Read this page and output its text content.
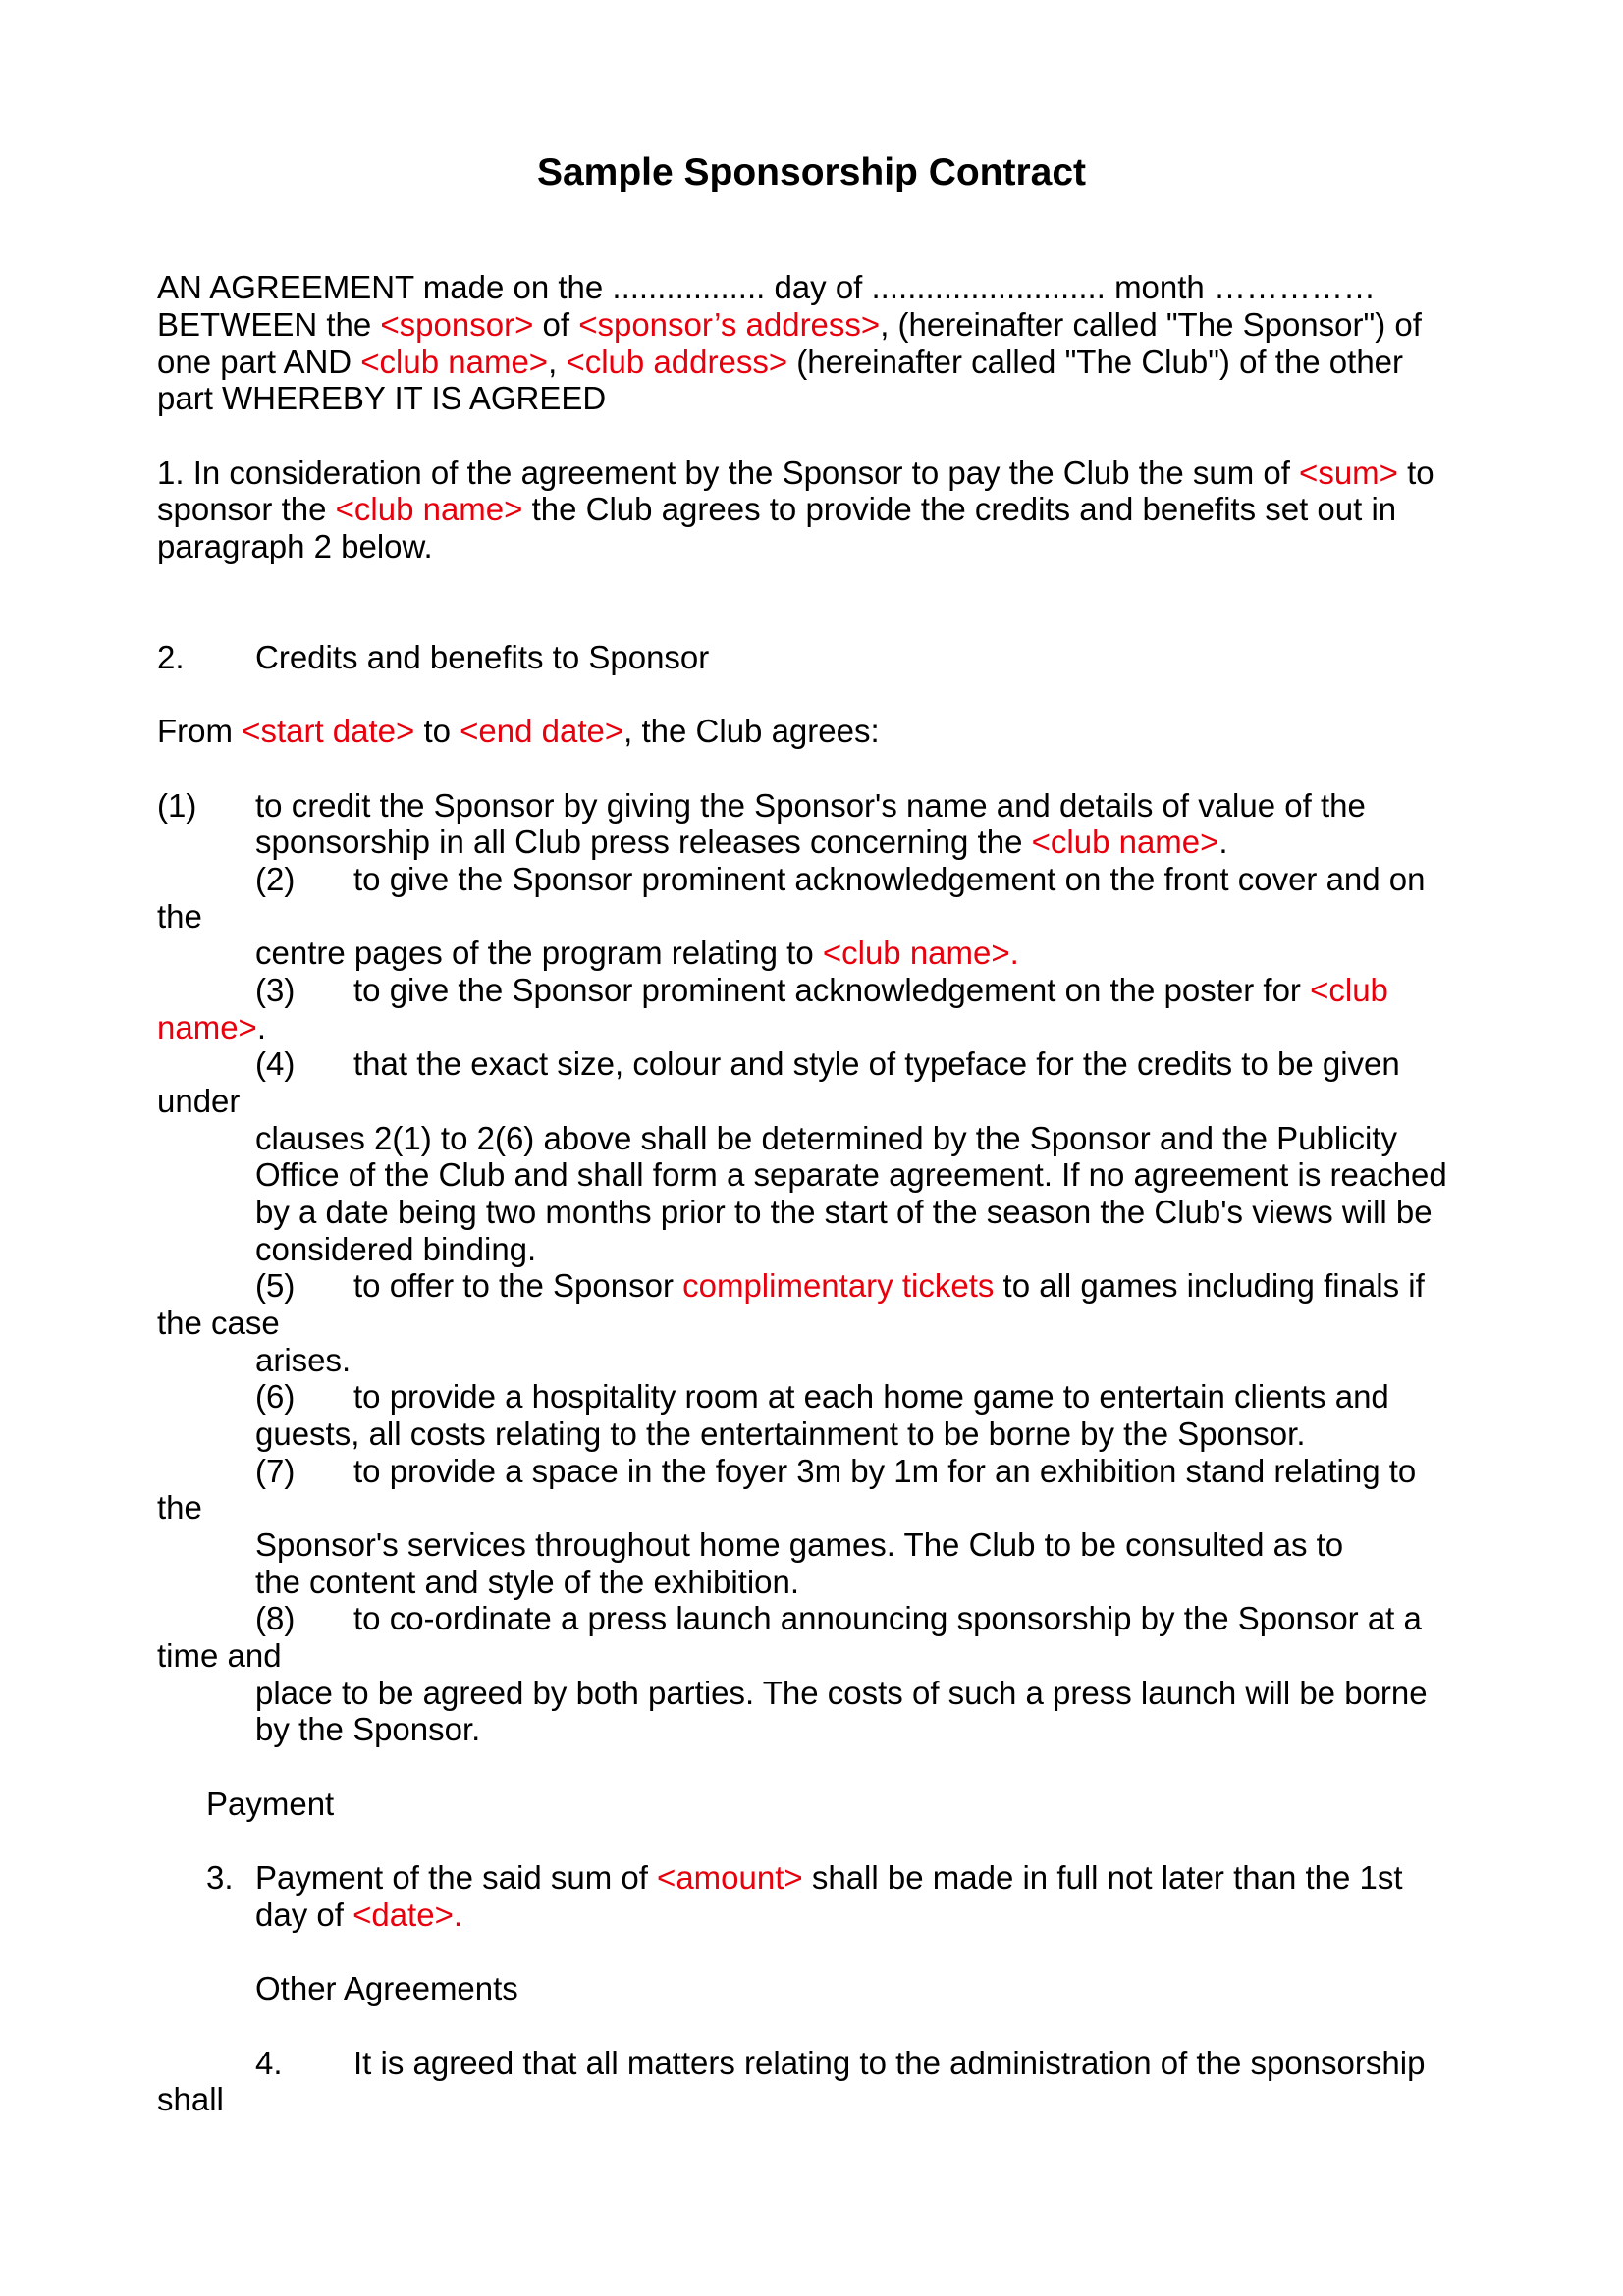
Sample Sponsorship Contract
AN AGREEMENT made on the ................. day of .......................... month ……………
BETWEEN the <sponsor> of <sponsor’s address>, (hereinafter called "The Sponsor") of
one part AND <club name>, <club address> (hereinafter called "The Club") of the other
part WHEREBY IT IS AGREED
1. In consideration of the agreement by the Sponsor to pay the Club the sum of <sum> to
sponsor the <club name> the Club agrees to provide the credits and benefits set out in
paragraph 2 below.
2. Credits and benefits to Sponsor
From <start date> to <end date>, the Club agrees:
(1) to credit the Sponsor by giving the Sponsor's name and details of value of the
sponsorship in all Club press releases concerning the <club name>.
(2) to give the Sponsor prominent acknowledgement on the front cover and on
the
centre pages of the program relating to <club name>.
(3) to give the Sponsor prominent acknowledgement on the poster for <club
name>.
(4) that the exact size, colour and style of typeface for the credits to be given
under
clauses 2(1) to 2(6) above shall be determined by the Sponsor and the Publicity
Office of the Club and shall form a separate agreement. If no agreement is reached
by a date being two months prior to the start of the season the Club's views will be
considered binding.
(5) to offer to the Sponsor complimentary tickets to all games including finals if
the case
arises.
(6) to provide a hospitality room at each home game to entertain clients and
guests, all costs relating to the entertainment to be borne by the Sponsor.
(7) to provide a space in the foyer 3m by 1m for an exhibition stand relating to
the
Sponsor's services throughout home games. The Club to be consulted as to
the content and style of the exhibition.
(8) to co-ordinate a press launch announcing sponsorship by the Sponsor at a
time and
place to be agreed by both parties. The costs of such a press launch will be borne
by the Sponsor.
Payment
3. Payment of the said sum of <amount> shall be made in full not later than the 1st
day of <date>.
Other Agreements
4. It is agreed that all matters relating to the administration of the sponsorship
shall
